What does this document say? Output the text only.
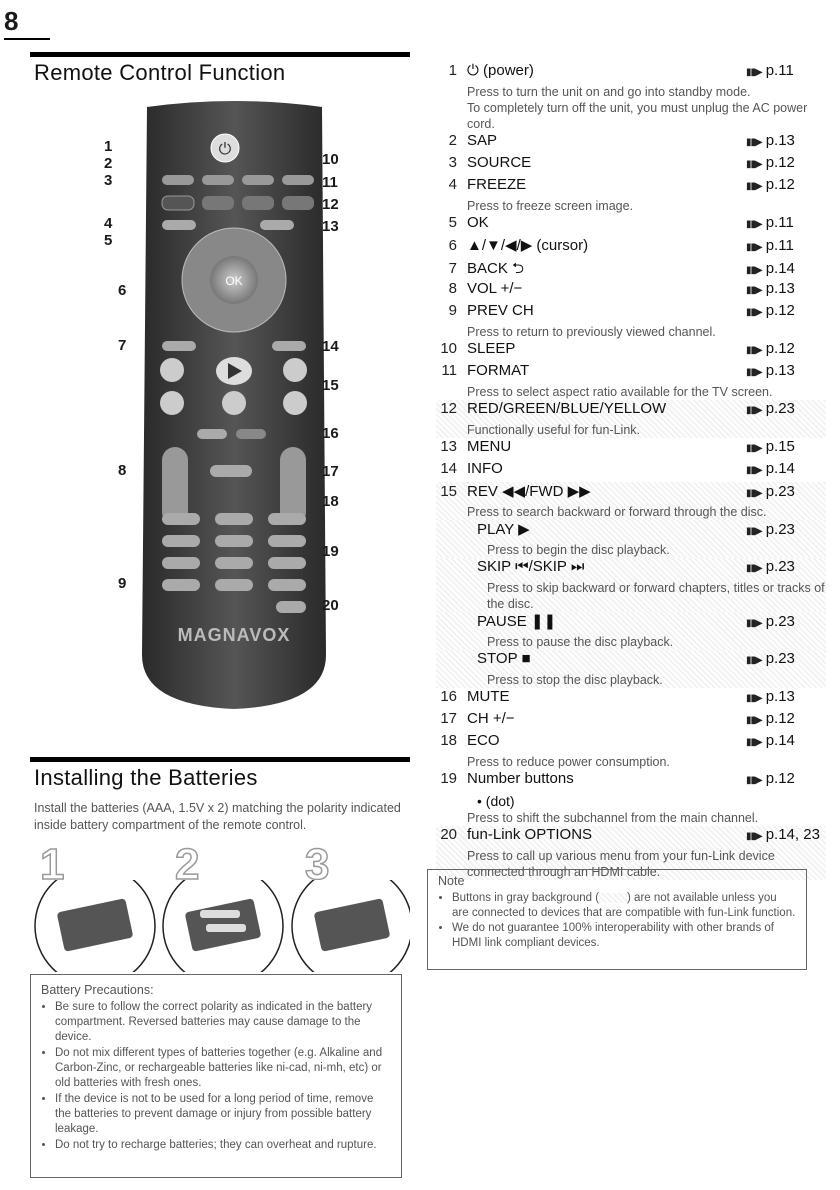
8
Remote Control Function
⏻
OK
MAGNAVOX
1
2
3
4
5
6
7
8
9
10
11
12
13
14
15
16
17
18
19
20
Installing the Batteries
Install the batteries (AAA, 1.5V x 2) matching the polarity indicated inside battery compartment of the remote control.
1	2 3
Battery Precautions:
• Be sure to follow the correct polarity as indicated in the battery compartment. Reversed batteries may cause damage to the device.
• Do not mix different types of batteries together (e.g. Alkaline and Carbon-Zinc, or rechargeable batteries like ni-cad, ni-mh, etc) or old batteries with fresh ones.
• If the device is not to be used for a long period of time, remove the batteries to prevent damage or injury from possible battery leakage.
• Do not try to recharge batteries; they can overheat and rupture.
1 ⏻ (power)	▮▮▶ p.11
Press to turn the unit on and go into standby mode.
To completely turn off the unit, you must unplug the AC power cord.
2 SAP	▮▮▶ p.13
3 SOURCE	▮▮▶ p.12
4 FREEZE	▮▮▶ p.12
Press to freeze screen image.
5 OK	▮▮▶ p.11
6 ▲/▼/◀/▶ (cursor)	▮▮▶ p.11
7 BACK ⮌	▮▮▶ p.14
8 VOL +/−	▮▮▶ p.13
9 PREV CH	▮▮▶ p.12
Press to return to previously viewed channel.
10 SLEEP	▮▮▶ p.12
11 FORMAT	▮▮▶ p.13
Press to select aspect ratio available for the TV screen.
12 RED/GREEN/BLUE/YELLOW	▮▮▶ p.23
Functionally useful for fun-Link.
13 MENU	▮▮▶ p.15
14 INFO	▮▮▶ p.14
15 REV ◀◀/FWD ▶▶	▮▮▶ p.23
Press to search backward or forward through the disc.
PLAY ▶	▮▮▶ p.23
Press to begin the disc playback.
SKIP ⏮/SKIP ⏭	▮▮▶ p.23
Press to skip backward or forward chapters, titles or tracks of the disc.
PAUSE ❚❚	▮▮▶ p.23
Press to pause the disc playback.
STOP ■	▮▮▶ p.23
Press to stop the disc playback.
16 MUTE	▮▮▶ p.13
17 CH +/−	▮▮▶ p.12
18 ECO	▮▮▶ p.14
Press to reduce power consumption.
19 Number buttons	▮▮▶ p.12
• (dot)
Press to shift the subchannel from the main channel.
20 fun-Link OPTIONS	▮▮▶ p.14, 23
Press to call up various menu from your fun-Link device connected through an HDMI cable.
Note
• Buttons in gray background ( ) are not available unless you are connected to devices that are compatible with fun-Link function.
• We do not guarantee 100% interoperability with other brands of HDMI link compliant devices.
